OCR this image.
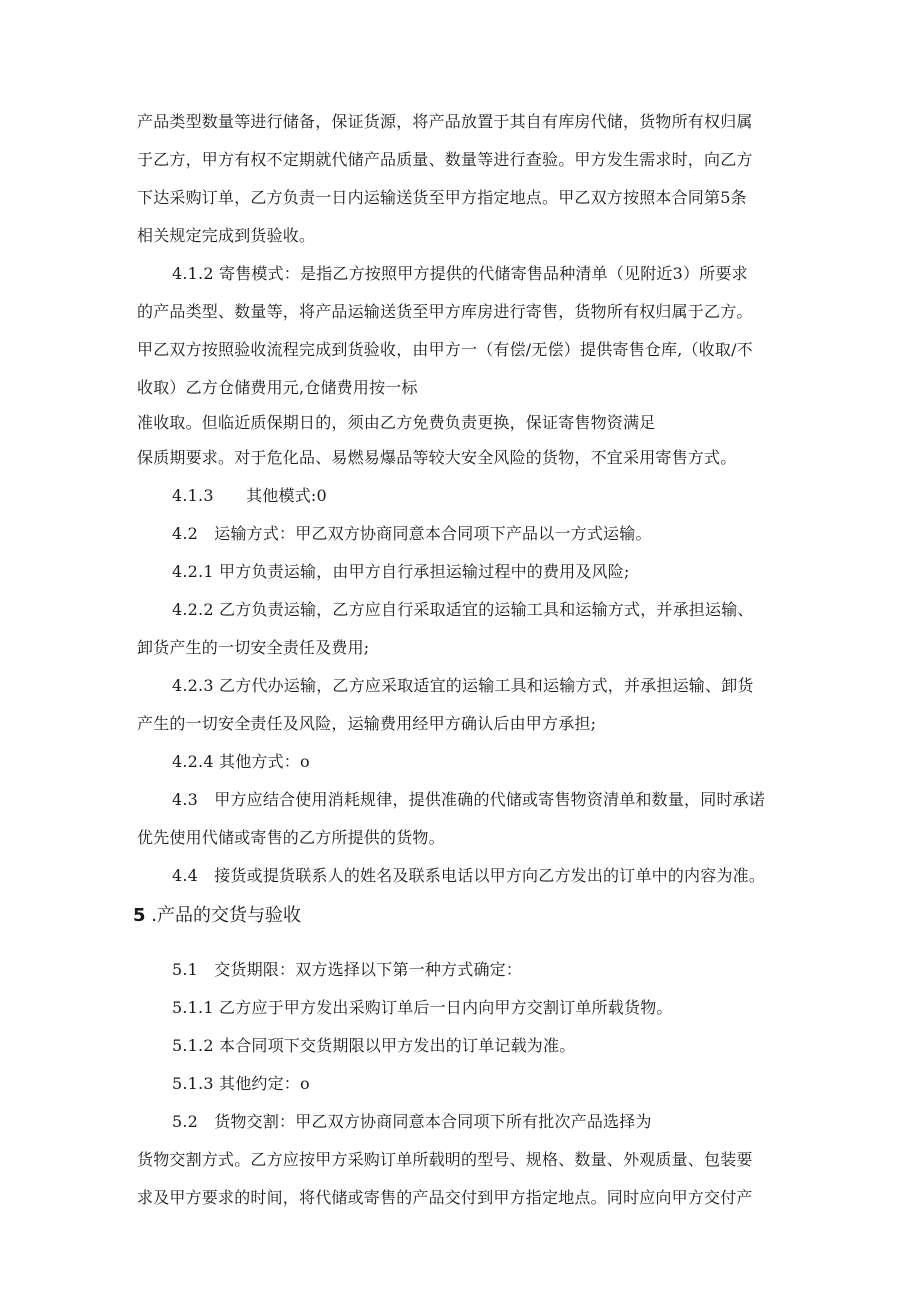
产品类型数量等进行储备，保证货源，将产品放置于其自有库房代储，货物所有权归属
于乙方，甲方有权不定期就代储产品质量、数量等进行查验。甲方发生需求时，向乙方
下达采购订单，乙方负责一日内运输送货至甲方指定地点。甲乙双方按照本合同第5条
相关规定完成到货验收。
4.1.2 寄售模式：是指乙方按照甲方提供的代储寄售品种清单（见附近3）所要求
的产品类型、数量等，将产品运输送货至甲方库房进行寄售，货物所有权归属于乙方。
甲乙双方按照验收流程完成到货验收，由甲方一（有偿/无偿）提供寄售仓库,（收取/不
收取）乙方仓储费用元,仓储费用按一标
准收取。但临近质保期日的，须由乙方免费负责更换，保证寄售物资满足
保质期要求。对于危化品、易燃易爆品等较大安全风险的货物，不宜采用寄售方式。
4.1.3　　其他模式:0
4.2　运输方式：甲乙双方协商同意本合同项下产品以一方式运输。
4.2.1 甲方负责运输，由甲方自行承担运输过程中的费用及风险;
4.2.2 乙方负责运输，乙方应自行采取适宜的运输工具和运输方式，并承担运输、
卸货产生的一切安全责任及费用;
4.2.3 乙方代办运输，乙方应采取适宜的运输工具和运输方式，并承担运输、卸货
产生的一切安全责任及风险，运输费用经甲方确认后由甲方承担;
4.2.4 其他方式：o
4.3　甲方应结合使用消耗规律，提供准确的代储或寄售物资清单和数量，同时承诺
优先使用代储或寄售的乙方所提供的货物。
4.4　接货或提货联系人的姓名及联系电话以甲方向乙方发出的订单中的内容为准。
5 .产品的交货与验收
5.1　交货期限：双方选择以下第一种方式确定：
5.1.1 乙方应于甲方发出采购订单后一日内向甲方交割订单所载货物。
5.1.2 本合同项下交货期限以甲方发出的订单记载为准。
5.1.3 其他约定：o
5.2　货物交割：甲乙双方协商同意本合同项下所有批次产品选择为
货物交割方式。乙方应按甲方采购订单所载明的型号、规格、数量、外观质量、包装要
求及甲方要求的时间，将代储或寄售的产品交付到甲方指定地点。同时应向甲方交付产
